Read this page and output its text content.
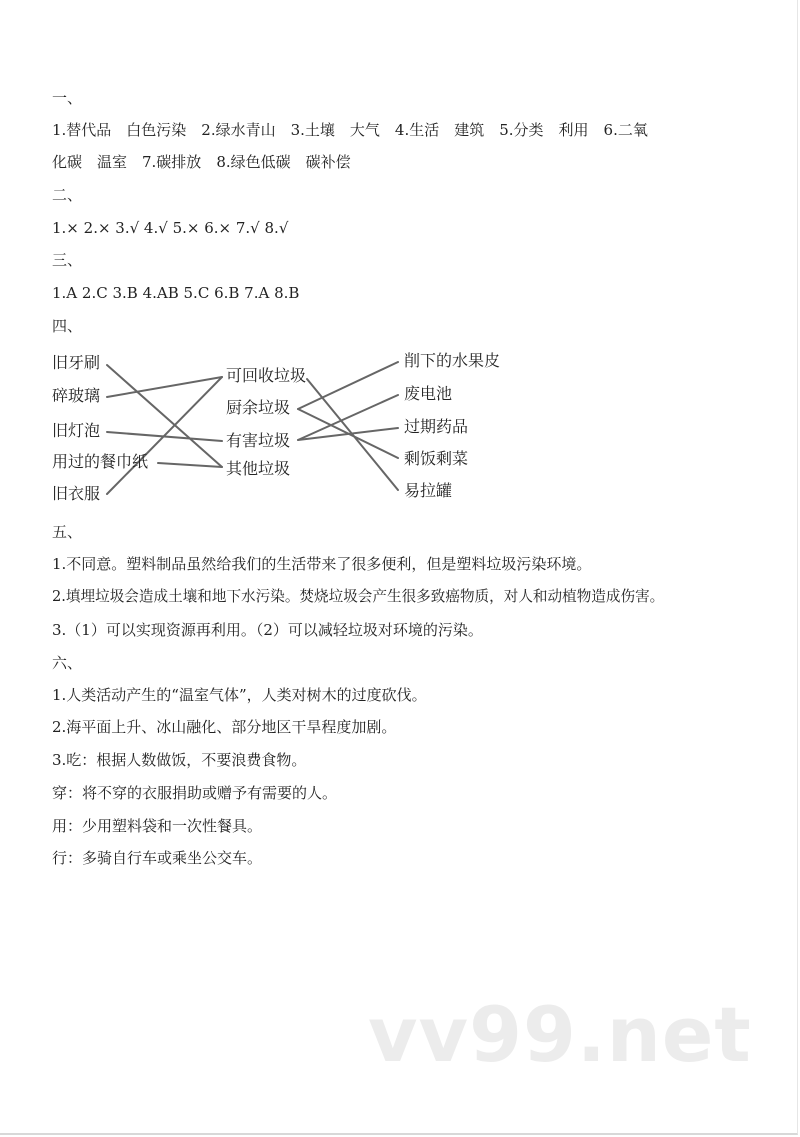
一、
1.替代品　白色污染　2.绿水青山　3.土壤　大气　4.生活　建筑　5.分类　利用　6.二氧
化碳　温室　7.碳排放　8.绿色低碳　碳补偿
二、
1.× 2.× 3.√ 4.√ 5.× 6.× 7.√ 8.√
三、
1.A 2.C 3.B 4.AB 5.C 6.B 7.A 8.B
四、
旧牙刷
碎玻璃
旧灯泡
用过的餐巾纸
旧衣服
可回收垃圾
厨余垃圾
有害垃圾
其他垃圾
削下的水果皮
废电池
过期药品
剩饭剩菜
易拉罐
五、
1.不同意。塑料制品虽然给我们的生活带来了很多便利，但是塑料垃圾污染环境。
2.填埋垃圾会造成土壤和地下水污染。焚烧垃圾会产生很多致癌物质，对人和动植物造成伤害。
3.（1）可以实现资源再利用。（2）可以减轻垃圾对环境的污染。
六、
1.人类活动产生的“温室气体”，人类对树木的过度砍伐。
2.海平面上升、冰山融化、部分地区干旱程度加剧。
3.吃：根据人数做饭，不要浪费食物。
穿：将不穿的衣服捐助或赠予有需要的人。
用：少用塑料袋和一次性餐具。
行：多骑自行车或乘坐公交车。
vv99.net
